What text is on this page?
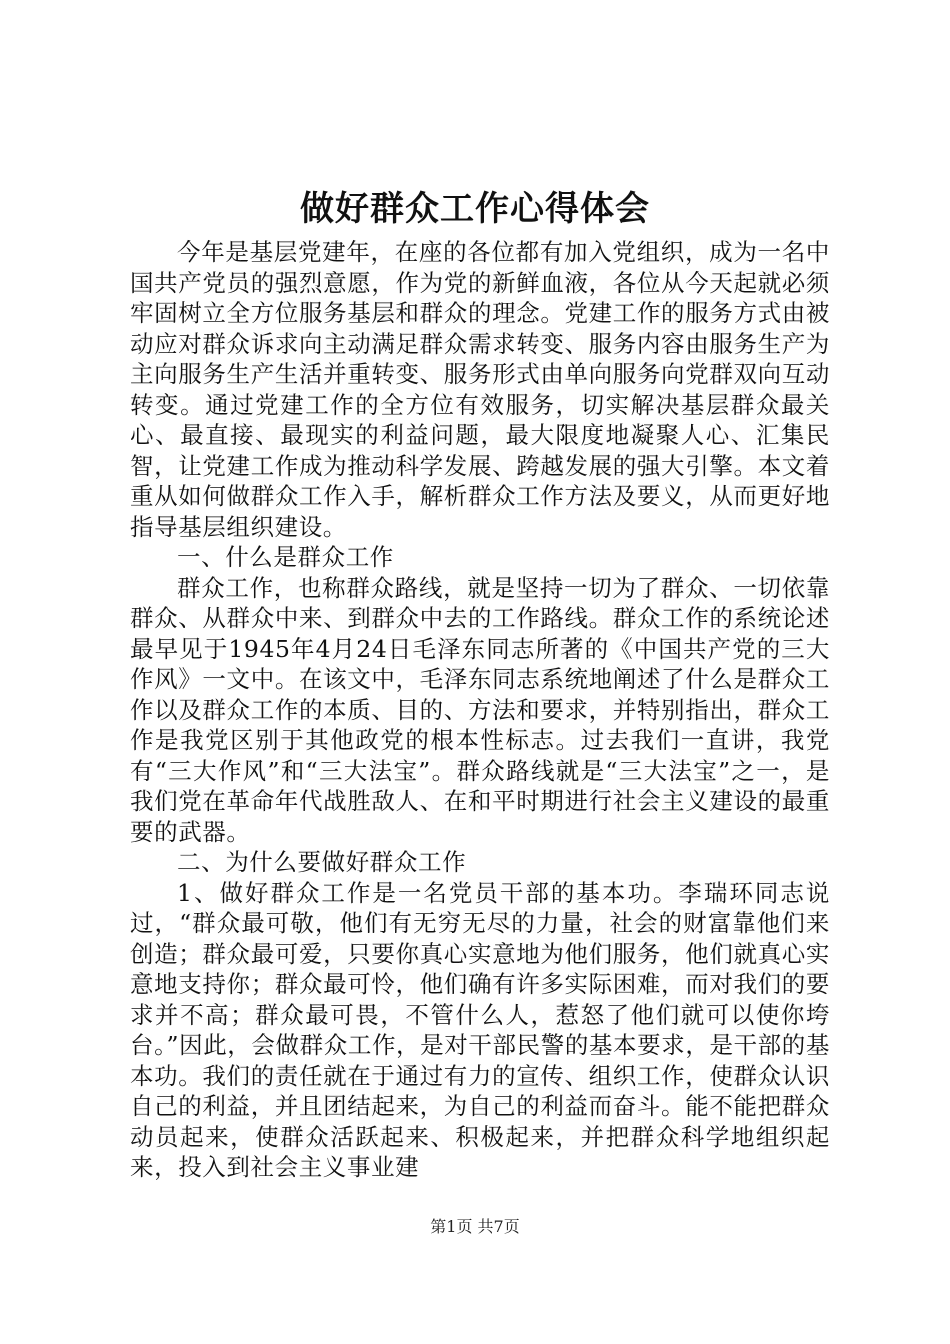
做好群众工作心得体会

今年是基层党建年，在座的各位都有加入党组织，成为一名中国共产党员的强烈意愿，作为党的新鲜血液，各位从今天起就必须牢固树立全方位服务基层和群众的理念。党建工作的服务方式由被动应对群众诉求向主动满足群众需求转变、服务内容由服务生产为主向服务生产生活并重转变、服务形式由单向服务向党群双向互动转变。通过党建工作的全方位有效服务，切实解决基层群众最关心、最直接、最现实的利益问题，最大限度地凝聚人心、汇集民智，让党建工作成为推动科学发展、跨越发展的强大引擎。本文着重从如何做群众工作入手，解析群众工作方法及要义，从而更好地指导基层组织建设。

一、什么是群众工作

群众工作，也称群众路线，就是坚持一切为了群众、一切依靠群众、从群众中来、到群众中去的工作路线。群众工作的系统论述最早见于1945年4月24日毛泽东同志所著的《中国共产党的三大作风》一文中。在该文中，毛泽东同志系统地阐述了什么是群众工作以及群众工作的本质、目的、方法和要求，并特别指出，群众工作是我党区别于其他政党的根本性标志。过去我们一直讲，我党有“三大作风”和“三大法宝”。群众路线就是“三大法宝”之一，是我们党在革命年代战胜敌人、在和平时期进行社会主义建设的最重要的武器。

二、为什么要做好群众工作

1、做好群众工作是一名党员干部的基本功。李瑞环同志说过，“群众最可敬，他们有无穷无尽的力量，社会的财富靠他们来创造；群众最可爱，只要你真心实意地为他们服务，他们就真心实意地支持你；群众最可怜，他们确有许多实际困难，而对我们的要求并不高；群众最可畏，不管什么人，惹怒了他们就可以使你垮台。”因此，会做群众工作，是对干部民警的基本要求，是干部的基本功。我们的责任就在于通过有力的宣传、组织工作，使群众认识自己的利益，并且团结起来，为自己的利益而奋斗。能不能把群众动员起来，使群众活跃起来、积极起来，并把群众科学地组织起来，投入到社会主义事业建

第1页 共7页
